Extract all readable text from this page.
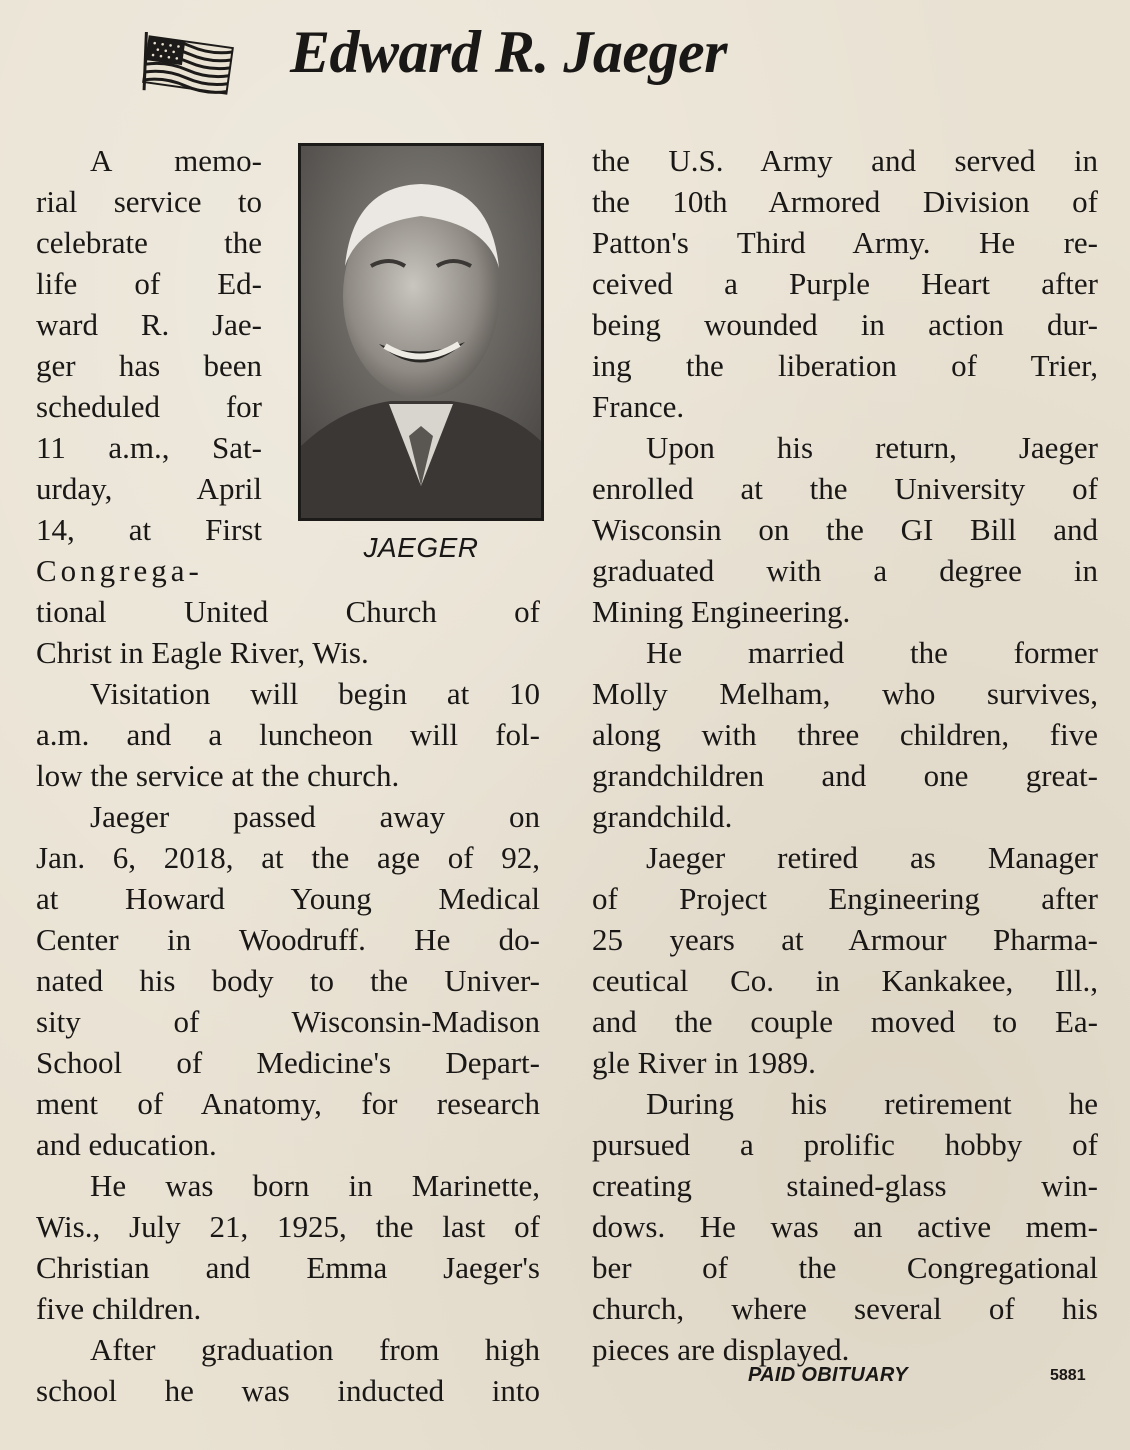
Edward R. Jaeger
JAEGER
A memo-
rial service to
celebrate the
life of Ed-
ward R. Jae-
ger has been
scheduled for
11 a.m., Sat-
urday, April
14, at First
Congrega-
tional United Church of
Christ in Eagle River, Wis.
Visitation will begin at 10
a.m. and a luncheon will fol-
low the service at the church.
Jaeger passed away on
Jan. 6, 2018, at the age of 92,
at Howard Young Medical
Center in Woodruff. He do-
nated his body to the Univer-
sity of Wisconsin-Madison
School of Medicine's Depart-
ment of Anatomy, for research
and education.
He was born in Marinette,
Wis., July 21, 1925, the last of
Christian and Emma Jaeger's
five children.
After graduation from high
school he was inducted into
the U.S. Army and served in
the 10th Armored Division of
Patton's Third Army. He re-
ceived a Purple Heart after
being wounded in action dur-
ing the liberation of Trier,
France.
Upon his return, Jaeger
enrolled at the University of
Wisconsin on the GI Bill and
graduated with a degree in
Mining Engineering.
He married the former
Molly Melham, who survives,
along with three children, five
grandchildren and one great-
grandchild.
Jaeger retired as Manager
of Project Engineering after
25 years at Armour Pharma-
ceutical Co. in Kankakee, Ill.,
and the couple moved to Ea-
gle River in 1989.
During his retirement he
pursued a prolific hobby of
creating stained-glass win-
dows. He was an active mem-
ber of the Congregational
church, where several of his
pieces are displayed.
PAID OBITUARY	5881
